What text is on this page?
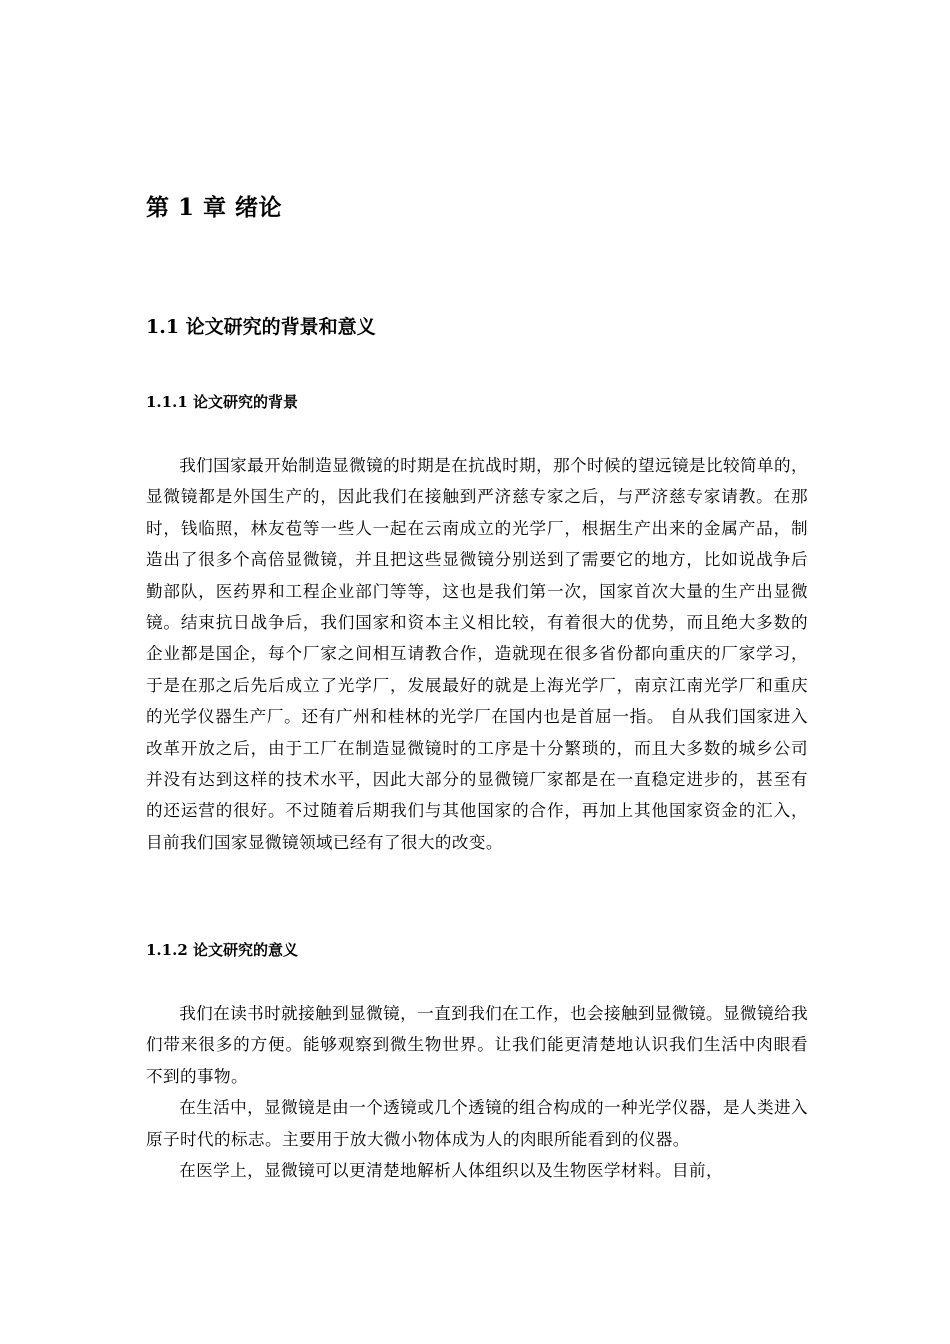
第 1 章 绪论
1.1 论文研究的背景和意义
1.1.1 论文研究的背景

我们国家最开始制造显微镜的时期是在抗战时期，那个时候的望远镜是比较简单的，显微镜都是外国生产的，因此我们在接触到严济慈专家之后，与严济慈专家请教。在那时，钱临照，林友苞等一些人一起在云南成立的光学厂，根据生产出来的金属产品，制造出了很多个高倍显微镜，并且把这些显微镜分别送到了需要它的地方，比如说战争后勤部队，医药界和工程企业部门等等，这也是我们第一次，国家首次大量的生产出显微镜。结束抗日战争后，我们国家和资本主义相比较，有着很大的优势，而且绝大多数的企业都是国企，每个厂家之间相互请教合作，造就现在很多省份都向重庆的厂家学习，于是在那之后先后成立了光学厂，发展最好的就是上海光学厂，南京江南光学厂和重庆的光学仪器生产厂。还有广州和桂林的光学厂在国内也是首屈一指。 自从我们国家进入改革开放之后，由于工厂在制造显微镜时的工序是十分繁琐的，而且大多数的城乡公司并没有达到这样的技术水平，因此大部分的显微镜厂家都是在一直稳定进步的，甚至有的还运营的很好。不过随着后期我们与其他国家的合作，再加上其他国家资金的汇入，目前我们国家显微镜领域已经有了很大的改变。

1.1.2 论文研究的意义

我们在读书时就接触到显微镜，一直到我们在工作，也会接触到显微镜。显微镜给我们带来很多的方便。能够观察到微生物世界。让我们能更清楚地认识我们生活中肉眼看不到的事物。

在生活中，显微镜是由一个透镜或几个透镜的组合构成的一种光学仪器，是人类进入原子时代的标志。主要用于放大微小物体成为人的肉眼所能看到的仪器。

在医学上，显微镜可以更清楚地解析人体组织以及生物医学材料。目前，
